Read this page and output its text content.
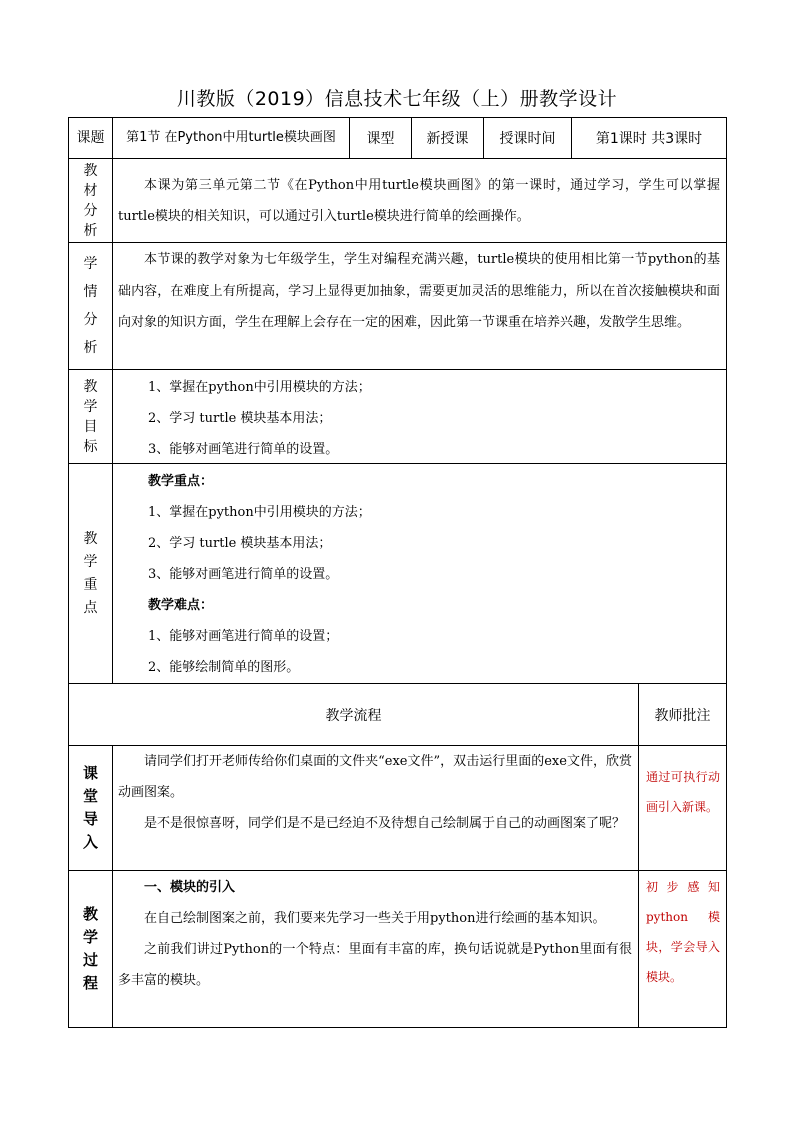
川教版（2019）信息技术七年级（上）册教学设计
课题 第1节 在Python中用turtle模块画图 课型 新授课 授课时间	第1课时 共3课时
教材分析
本课为第三单元第二节《在Python中用turtle模块画图》的第一课时，通过学习，学生可以掌握turtle模块的相关知识，可以通过引入turtle模块进行简单的绘画操作。
学情分析
本节课的教学对象为七年级学生，学生对编程充满兴趣，turtle模块的使用相比第一节python的基础内容，在难度上有所提高，学习上显得更加抽象，需要更加灵活的思维能力，所以在首次接触模块和面向对象的知识方面，学生在理解上会存在一定的困难，因此第一节课重在培养兴趣，发散学生思维。
教学目标
1、掌握在python中引用模块的方法；
2、学习 turtle 模块基本用法；
3、能够对画笔进行简单的设置。
教学重点
教学重点：
1、掌握在python中引用模块的方法；
2、学习 turtle 模块基本用法；
3、能够对画笔进行简单的设置。
教学难点：
1、能够对画笔进行简单的设置；
2、能够绘制简单的图形。
教学流程	教师批注
课堂导入
请同学们打开老师传给你们桌面的文件夹“exe文件”，双击运行里面的exe文件，欣赏动画图案。
是不是很惊喜呀，同学们是不是已经迫不及待想自己绘制属于自己的动画图案了呢？
通过可执行动画引入新课。
教学过程
一、模块的引入
在自己绘制图案之前，我们要来先学习一些关于用python进行绘画的基本知识。
之前我们讲过Python的一个特点：里面有丰富的库，换句话说就是Python里面有很多丰富的模块。
初步感知python模块，学会导入模块。
